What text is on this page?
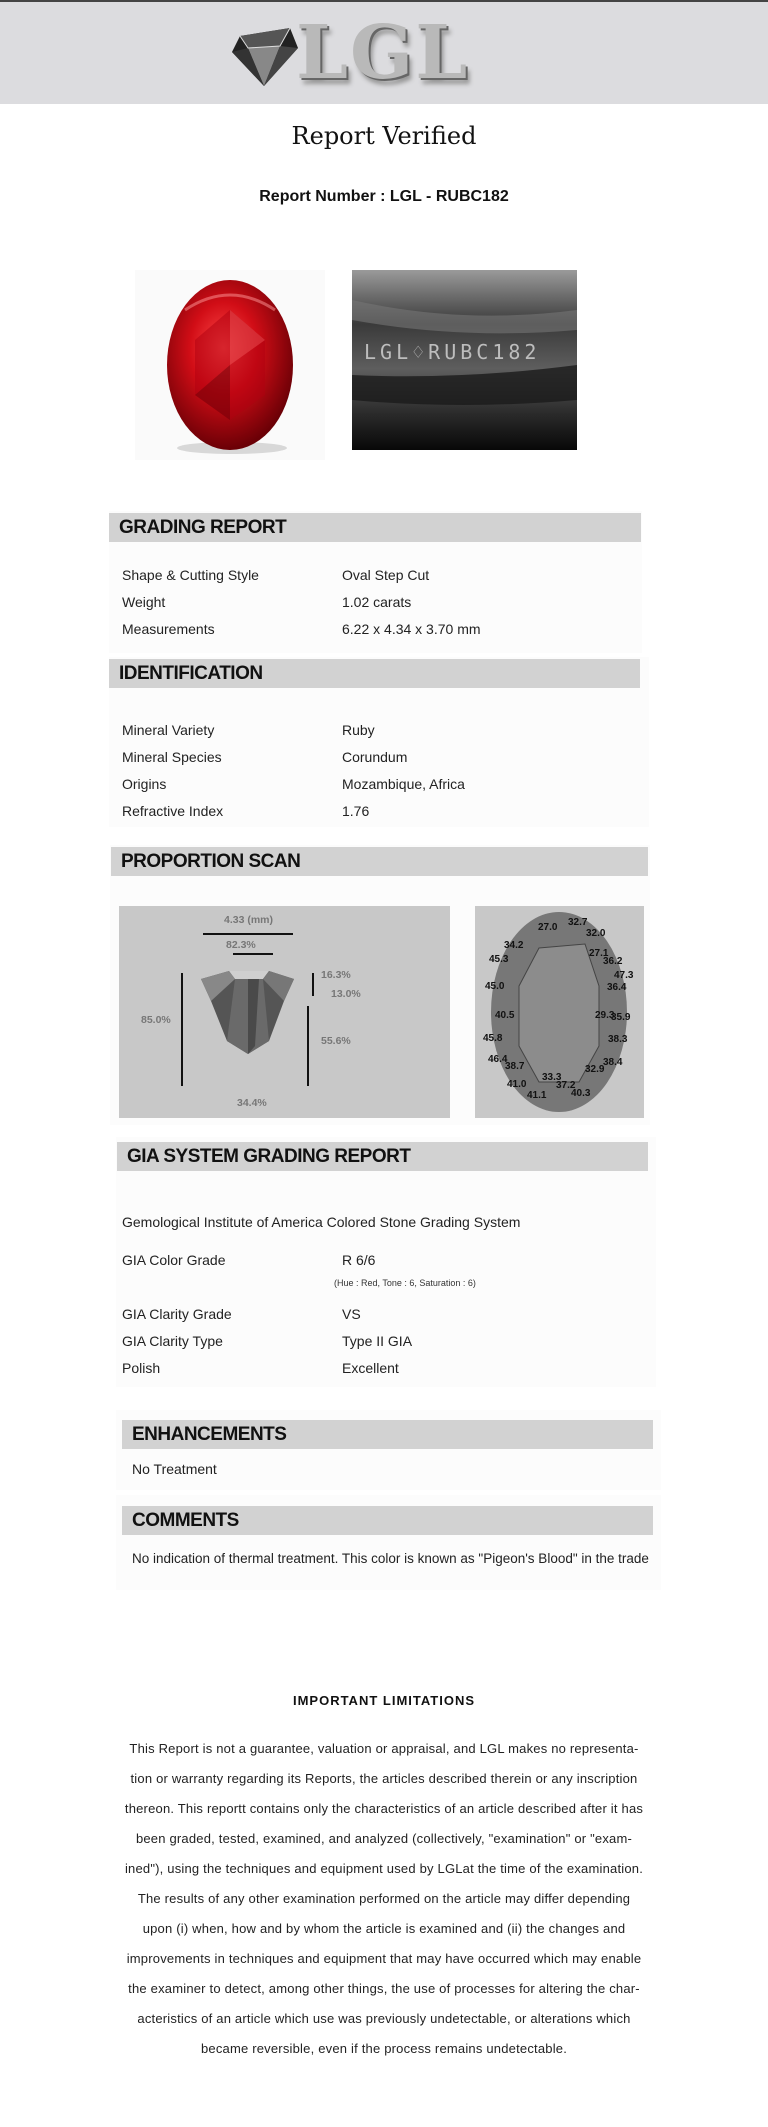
LGL
Report Verified
Report Number : LGL - RUBC182
LGL♢RUBC182
GRADING REPORT
Shape & Cutting Style	Oval Step Cut
Weight	1.02 carats
Measurements	6.22 x 4.34 x 3.70 mm
IDENTIFICATION
Mineral Variety	Ruby
Mineral Species	Corundum
Origins	Mozambique, Africa
Refractive Index	1.76
PROPORTION SCAN
4.33 (mm)
82.3%
85.0%
16.3%
13.0%
55.6%
34.4%
27.0 32.7
32.0
34.2
45.3
27.1
36.2
47.3
36.4
45.0
40.5	29.3
35.9
45.8	38.3
46.4
38.7	38.4
32.9
41.0
33.3
37.2
41.1 40.3
GIA SYSTEM GRADING REPORT
Gemological Institute of America Colored Stone Grading System
GIA Color Grade	R 6/6
(Hue : Red, Tone : 6, Saturation : 6)
GIA Clarity Grade	VS
GIA Clarity Type	Type II GIA
Polish	Excellent
ENHANCEMENTS
No Treatment
COMMENTS
No indication of thermal treatment. This color is known as "Pigeon's Blood" in the trade
IMPORTANT LIMITATIONS
This Report is not a guarantee, valuation or appraisal, and LGL makes no representa-
tion or warranty regarding its Reports, the articles described therein or any inscription
thereon. This reportt contains only the characteristics of an article described after it has
been graded, tested, examined, and analyzed (collectively, "examination" or "exam-
ined"), using the techniques and equipment used by LGLat the time of the examination.
The results of any other examination performed on the article may differ depending
upon (i) when, how and by whom the article is examined and (ii) the changes and
improvements in techniques and equipment that may have occurred which may enable
the examiner to detect, among other things, the use of processes for altering the char-
acteristics of an article which use was previously undetectable, or alterations which
became reversible, even if the process remains undetectable.
